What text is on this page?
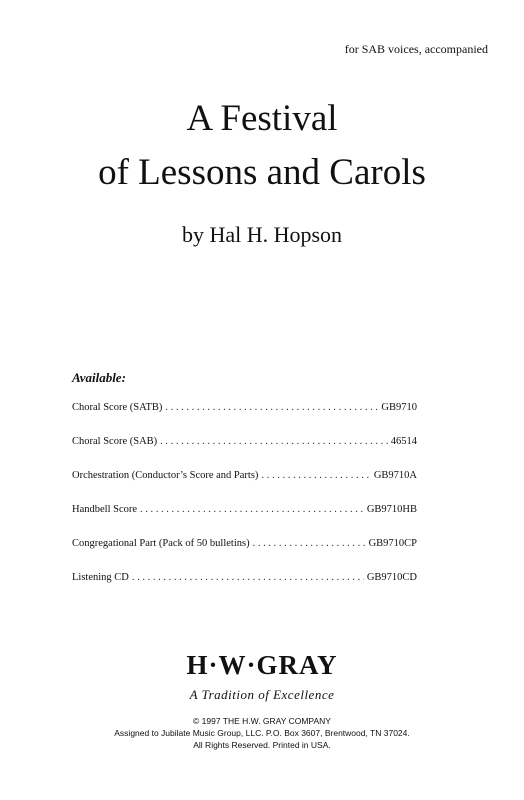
for SAB voices, accompanied
A Festival
of Lessons and Carols
by Hal H. Hopson
Available:
Choral Score (SATB) . . .	GB9710
Choral Score (SAB) . . .	46514
Orchestration (Conductor’s Score and Parts) . . .	GB9710A
Handbell Score . . .	GB9710HB
Congregational Part (Pack of 50 bulletins) . . .	GB9710CP
Listening CD . . .	GB9710CD
H·W·GRAY
A Tradition of Excellence
© 1997 THE H.W. GRAY COMPANY
Assigned to Jubilate Music Group, LLC. P.O. Box 3607, Brentwood, TN 37024.
All Rights Reserved. Printed in USA.
